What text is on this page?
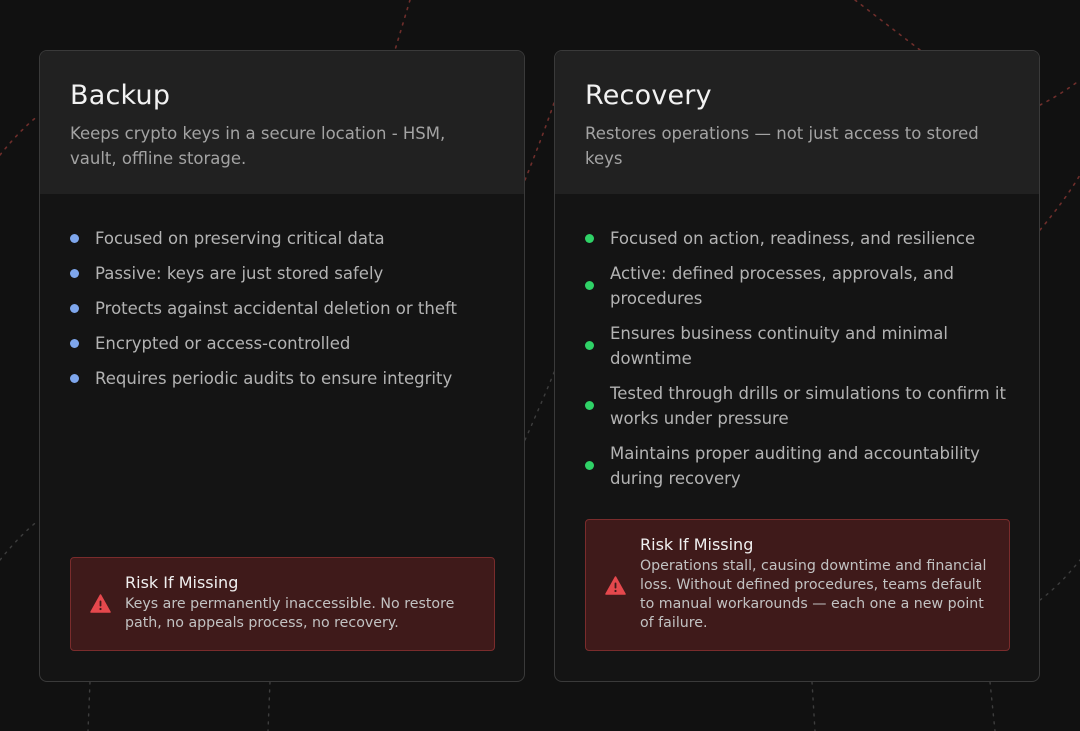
Backup

Keeps crypto keys in a secure location - HSM, vault, offline storage.

Focused on preserving critical data
Passive: keys are just stored safely
Protects against accidental deletion or theft
Encrypted or access-controlled
Requires periodic audits to ensure integrity
Risk If Missing
Keys are permanently inaccessible. No restore path, no appeals process, no recovery.
Recovery

Restores operations — not just access to stored keys

Focused on action, readiness, and resilience
Active: defined processes, approvals, and procedures
Ensures business continuity and minimal downtime
Tested through drills or simulations to confirm it works under pressure
Maintains proper auditing and accountability during recovery
Risk If Missing
Operations stall, causing downtime and financial loss. Without defined procedures, teams default to manual workarounds — each one a new point of failure.
